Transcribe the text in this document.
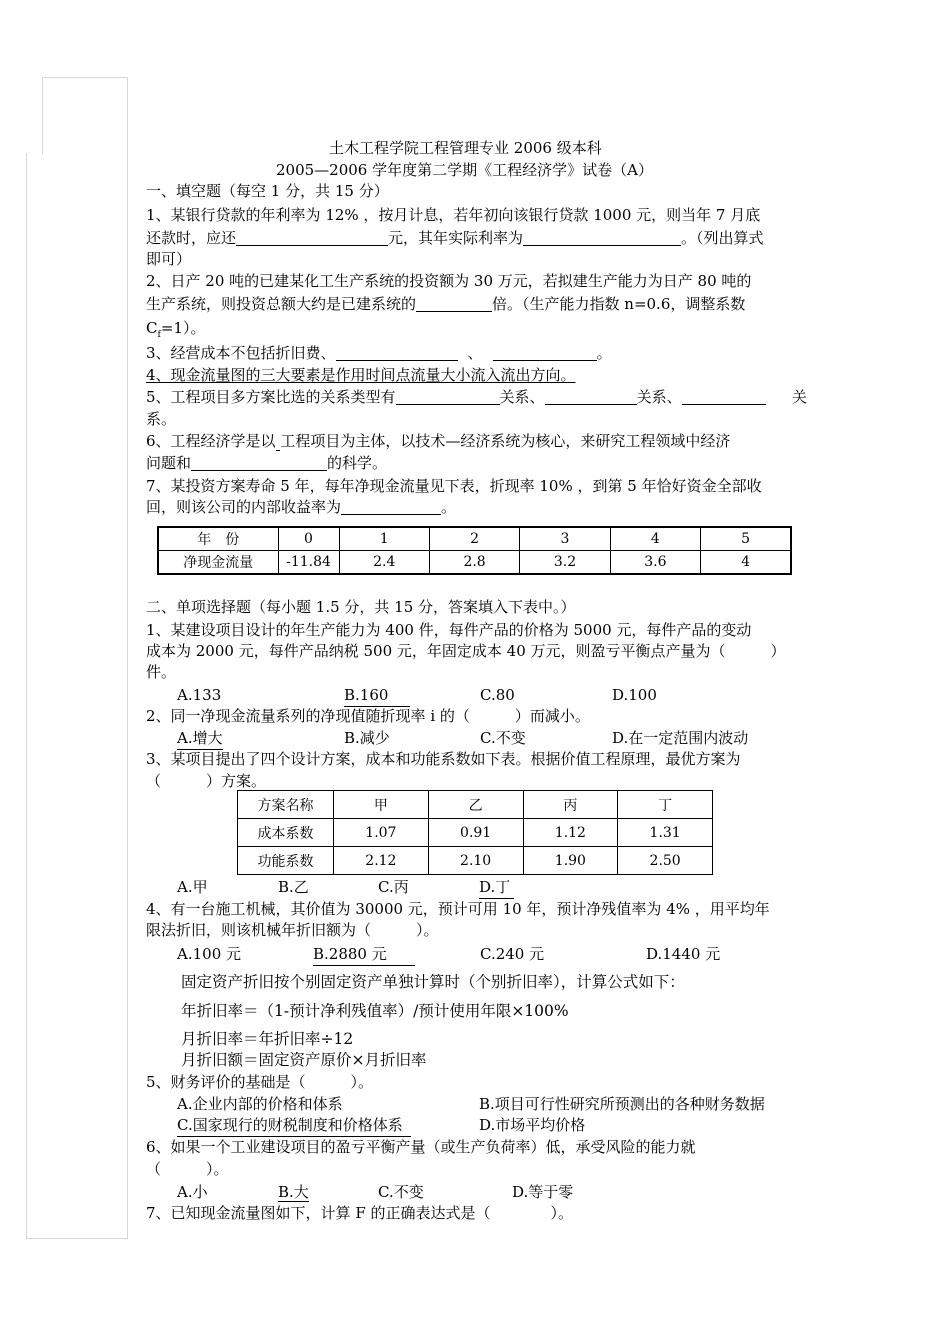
土木工程学院工程管理专业 2006 级本科
2005—2006 学年度第二学期《工程经济学》试卷（A）
一、填空题（每空 1 分，共 15 分）
1、某银行贷款的年利率为 12% ，按月计息，若年初向该银行贷款 1000 元，则当年 7 月底
还款时，应还	元，其年实际利率为	。（列出算式
即可）
2、日产 20 吨的已建某化工生产系统的投资额为 30 万元，若拟建生产能力为日产 80 吨的
生产系统，则投资总额大约是已建系统的	倍。（生产能力指数 n=0.6，调整系数
$C_f=1$）。
3、经营成本不包括折旧费、	、	。
4、现金流量图的三大要素是作用时间点流量大小流入流出方向。
5、工程项目多方案比选的关系类型有	关系、	关系、	关
系。
6、工程经济学是以 工程项目为主体，以技术—经济系统为核心，来研究工程领域中经济
问题和	的科学。
7、某投资方案寿命 5 年，每年净现金流量见下表，折现率 10% ，到第 5 年恰好资金全部收
回，则该公司的内部收益率为	。
年　份	0	1	2	3	4	5
净现金流量	-11.84	2.4	2.8	3.2	3.6	4
二、单项选择题（每小题 1.5 分，共 15 分，答案填入下表中。）
1、某建设项目设计的年生产能力为 400 件，每件产品的价格为 5000 元，每件产品的变动
成本为 2000 元，每件产品纳税 500 元，年固定成本 40 万元，则盈亏平衡点产量为（　　　）
件。
A.133	B.160	C.80	D.100
2、同一净现金流量系列的净现值随折现率 i 的（　　　）而减小。
A.增大	B.减少	C.不变	D.在一定范围内波动
3、某项目提出了四个设计方案，成本和功能系数如下表。根据价值工程原理，最优方案为
（　　　）方案。
方案名称	甲	乙	丙	丁
成本系数	1.07	0.91	1.12	1.31
功能系数	2.12	2.10	1.90	2.50
A.甲	B.乙	C.丙	D.丁
4、有一台施工机械，其价值为 30000 元，预计可用 10 年，预计净残值率为 4% ，用平均年
限法折旧，则该机械年折旧额为（　　　）。
A.100 元	B.2880 元	C.240 元	D.1440 元
固定资产折旧按个别固定资产单独计算时（个别折旧率），计算公式如下：
年折旧率＝（1-预计净利残值率）/预计使用年限×100%
月折旧率＝年折旧率÷12
月折旧额＝固定资产原价×月折旧率
5、财务评价的基础是（　　　）。
A.企业内部的价格和体系	B.项目可行性研究所预测出的各种财务数据
C.国家现行的财税制度和价格体系	D.市场平均价格
6、如果一个工业建设项目的盈亏平衡产量（或生产负荷率）低，承受风险的能力就
（　　　）。
A.小	B.大	C.不变	D.等于零
7、已知现金流量图如下，计算 F 的正确表达式是（　　　　）。
